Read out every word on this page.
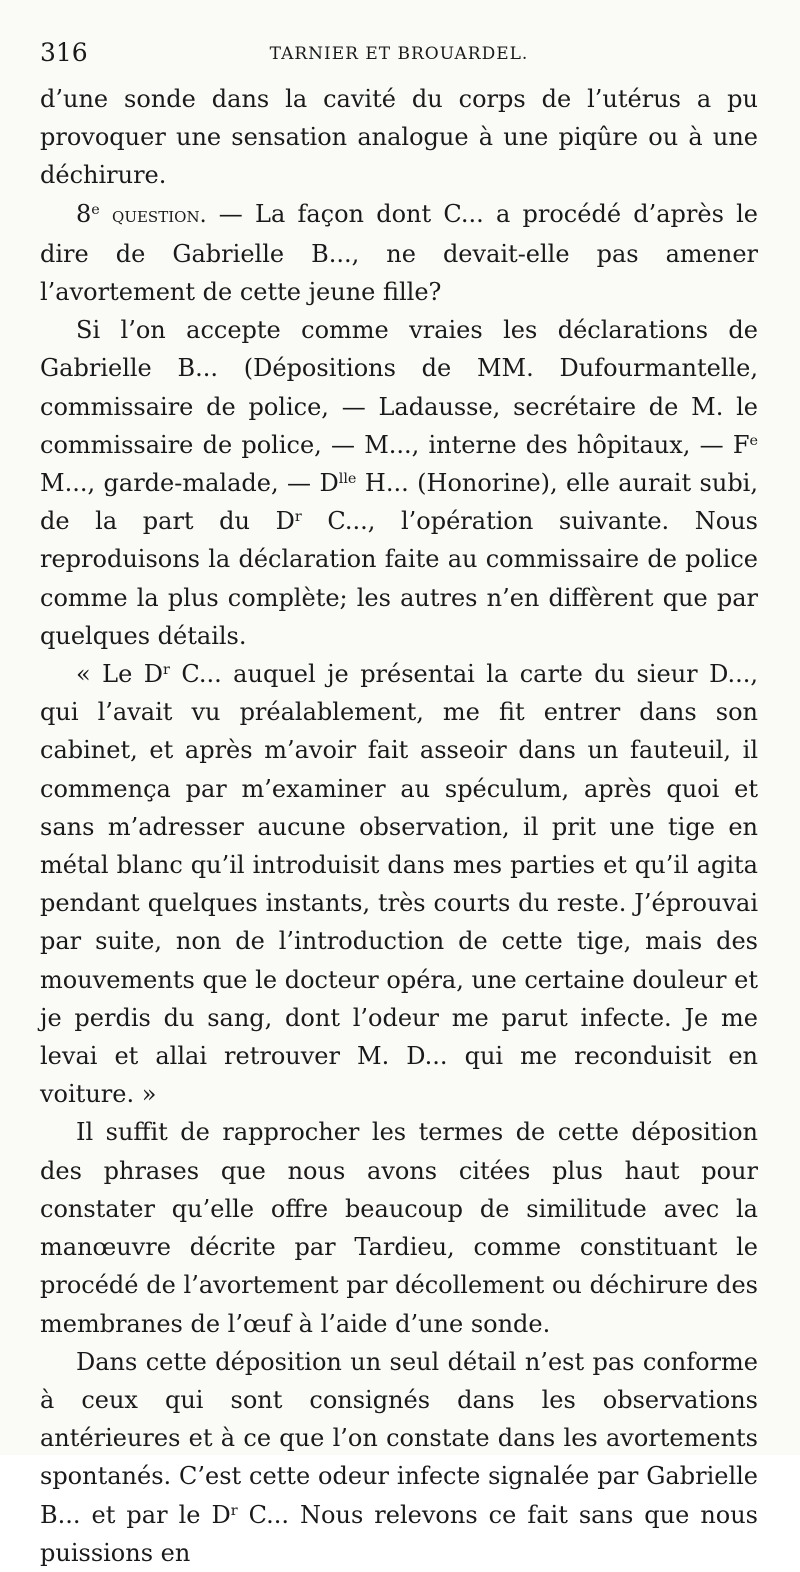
316	TARNIER ET BROUARDEL.

d’une sonde dans la cavité du corps de l’utérus a pu provoquer une sensation analogue à une piqûre ou à une déchirure.

8e question. — La façon dont C... a procédé d’après le dire de Gabrielle B..., ne devait-elle pas amener l’avortement de cette jeune fille?

Si l’on accepte comme vraies les déclarations de Gabrielle B... (Dépositions de MM. Dufourmantelle, commissaire de police, — Ladausse, secrétaire de M. le commissaire de police, — M..., interne des hôpitaux, — $F^e$ M..., garde-malade, — $D^{lle}$ H... (Honorine), elle aurait subi, de la part du $D^r$ C..., l’opération suivante. Nous reproduisons la déclaration faite au commissaire de police comme la plus complète; les autres n’en diffèrent que par quelques détails.

« Le $D^r$ C... auquel je présentai la carte du sieur D..., qui l’avait vu préalablement, me fit entrer dans son cabinet, et après m’avoir fait asseoir dans un fauteuil, il commença par m’examiner au spéculum, après quoi et sans m’adresser aucune observation, il prit une tige en métal blanc qu’il introduisit dans mes parties et qu’il agita pendant quelques instants, très courts du reste. J’éprouvai par suite, non de l’introduction de cette tige, mais des mouvements que le docteur opéra, une certaine douleur et je perdis du sang, dont l’odeur me parut infecte. Je me levai et allai retrouver M. D... qui me reconduisit en voiture. »

Il suffit de rapprocher les termes de cette déposition des phrases que nous avons citées plus haut pour constater qu’elle offre beaucoup de similitude avec la manœuvre décrite par Tardieu, comme constituant le procédé de l’avortement par décollement ou déchirure des membranes de l’œuf à l’aide d’une sonde.

Dans cette déposition un seul détail n’est pas conforme à ceux qui sont consignés dans les observations antérieures et à ce que l’on constate dans les avortements spontanés. C’est cette odeur infecte signalée par Gabrielle B... et par le $D^r$ C... Nous relevons ce fait sans que nous puissions en
